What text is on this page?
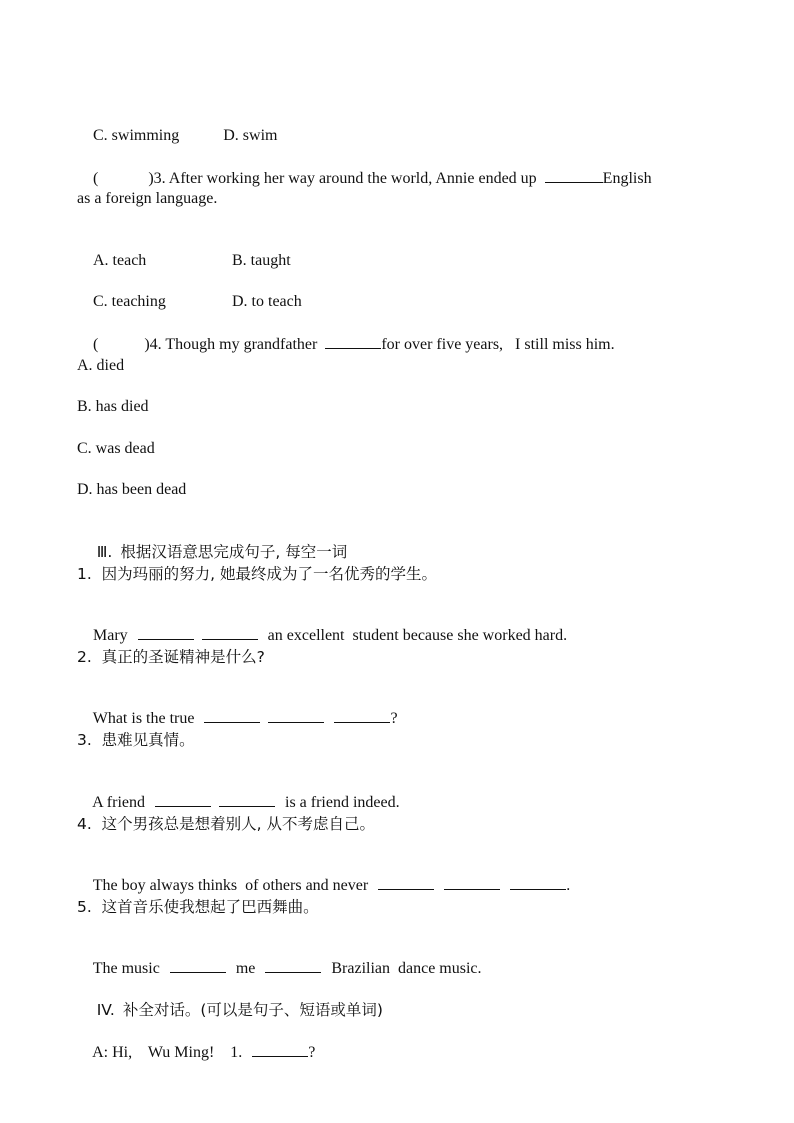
C. swimming	D. swim

(	)3. After working her way around the world, Annie ended up	English

as a foreign language.

A. teach	B. taught

C. teaching	D. to teach

(	)4. Though my grandfather	for over five years,   I still miss him.

A. died
B. has died
C. was dead
D. has been dead

Ⅲ. 根据汉语意思完成句子, 每空一词

1.  因为玛丽的努力, 她最终成为了一名优秀的学生。

Mary	an excellent  student because she worked hard.

2.  真正的圣诞精神是什么?

What is the true	?

3.  患难见真情。

A friend	is a friend indeed.

4.  这个男孩总是想着别人, 从不考虑自己。

The boy always thinks  of others and never	.

5.  这首音乐使我想起了巴西舞曲。

The music	me	Brazilian  dance music.

IV. 补全对话。(可以是句子、短语或单词)

A: Hi,    Wu Ming!    1.	?
